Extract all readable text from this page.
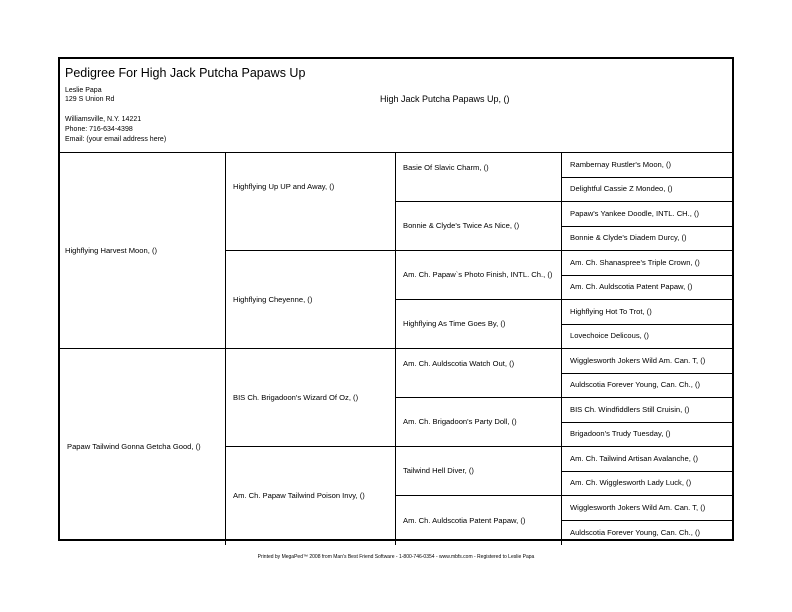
Pedigree For High Jack Putcha Papaws Up
Leslie Papa
129 S Union Rd
Williamsville, N.Y. 14221
Phone: 716-634-4398
Email: (your email address here)
High Jack Putcha Papaws Up, ()
Highflying Harvest Moon, ()
Papaw Tailwind Gonna Getcha Good, ()
Highflying Up UP and Away, ()
Highflying Cheyenne, ()
BIS Ch. Brigadoon's Wizard Of Oz, ()
Am. Ch. Papaw Tailwind Poison Invy, ()
Basie Of Slavic Charm, ()
Bonnie & Clyde's Twice As Nice, ()
Am. Ch. Papaw`s Photo Finish, INTL. Ch., ()
Highflying As Time Goes By, ()
Am. Ch. Auldscotia Watch Out, ()
Am. Ch. Brigadoon's Party Doll, ()
Tailwind Hell Diver, ()
Am. Ch. Auldscotia Patent Papaw, ()
Rambernay Rustler's Moon, ()
Delightful Cassie Z Mondeo, ()
Papaw's Yankee Doodle, INTL. CH., ()
Bonnie & Clyde's Diadem Durcy, ()
Am. Ch. Shanaspree's Triple Crown, ()
Am. Ch. Auldscotia Patent Papaw, ()
Highflying Hot To Trot, ()
Lovechoice Delicous, ()
Wigglesworth Jokers Wild Am. Can. T, ()
Auldscotia Forever Young, Can. Ch., ()
BIS Ch. Windfiddlers Still Cruisin, ()
Brigadoon's Trudy Tuesday, ()
Am. Ch. Tailwind Artisan Avalanche, ()
Am. Ch. Wigglesworth Lady Luck, ()
Wigglesworth Jokers Wild Am. Can. T, ()
Auldscotia Forever Young, Can. Ch., ()
Printed by MegaPed™ 2008 from Man's Best Friend Software - 1-800-746-0354 - www.mbfs.com - Registered to Leslie Papa
